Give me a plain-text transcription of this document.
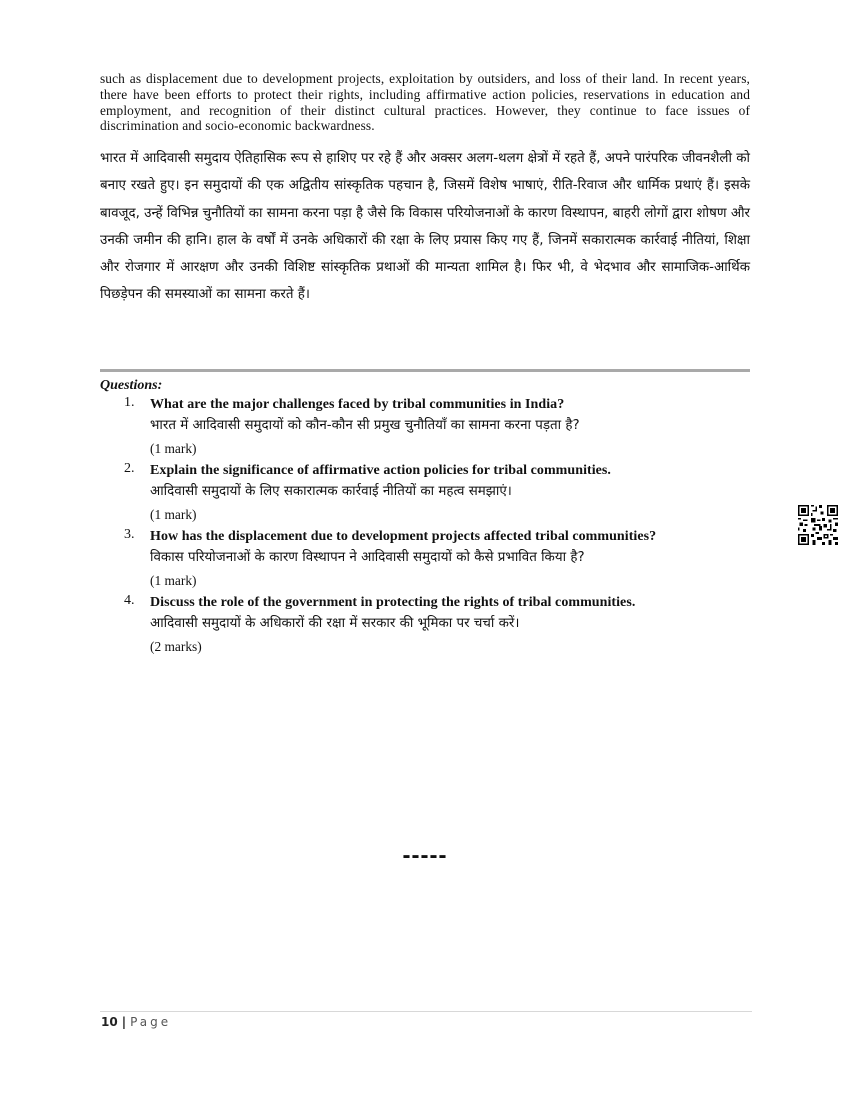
such as displacement due to development projects, exploitation by outsiders, and loss of their land. In recent years, there have been efforts to protect their rights, including affirmative action policies, reservations in education and employment, and recognition of their distinct cultural practices. However, they continue to face issues of discrimination and socio-economic backwardness.

भारत में आदिवासी समुदाय ऐतिहासिक रूप से हाशिए पर रहे हैं और अक्सर अलग-थलग क्षेत्रों में रहते हैं, अपने पारंपरिक जीवनशैली को बनाए रखते हुए। इन समुदायों की एक अद्वितीय सांस्कृतिक पहचान है, जिसमें विशेष भाषाएं, रीति-रिवाज और धार्मिक प्रथाएं हैं। इसके बावजूद, उन्हें विभिन्न चुनौतियों का सामना करना पड़ा है जैसे कि विकास परियोजनाओं के कारण विस्थापन, बाहरी लोगों द्वारा शोषण और उनकी जमीन की हानि। हाल के वर्षों में उनके अधिकारों की रक्षा के लिए प्रयास किए गए हैं, जिनमें सकारात्मक कार्रवाई नीतियां, शिक्षा और रोजगार में आरक्षण और उनकी विशिष्ट सांस्कृतिक प्रथाओं की मान्यता शामिल है। फिर भी, वे भेदभाव और सामाजिक-आर्थिक पिछड़ेपन की समस्याओं का सामना करते हैं।

Questions:
1. What are the major challenges faced by tribal communities in India?
भारत में आदिवासी समुदायों को कौन-कौन सी प्रमुख चुनौतियाँ का सामना करना पड़ता है?
(1 mark)
2. Explain the significance of affirmative action policies for tribal communities.
आदिवासी समुदायों के लिए सकारात्मक कार्रवाई नीतियों का महत्व समझाएं।
(1 mark)
3. How has the displacement due to development projects affected tribal communities?
विकास परियोजनाओं के कारण विस्थापन ने आदिवासी समुदायों को कैसे प्रभावित किया है?
(1 mark)
4. Discuss the role of the government in protecting the rights of tribal communities.
आदिवासी समुदायों के अधिकारों की रक्षा में सरकार की भूमिका पर चर्चा करें।
(2 marks)
-----
10 | Page
